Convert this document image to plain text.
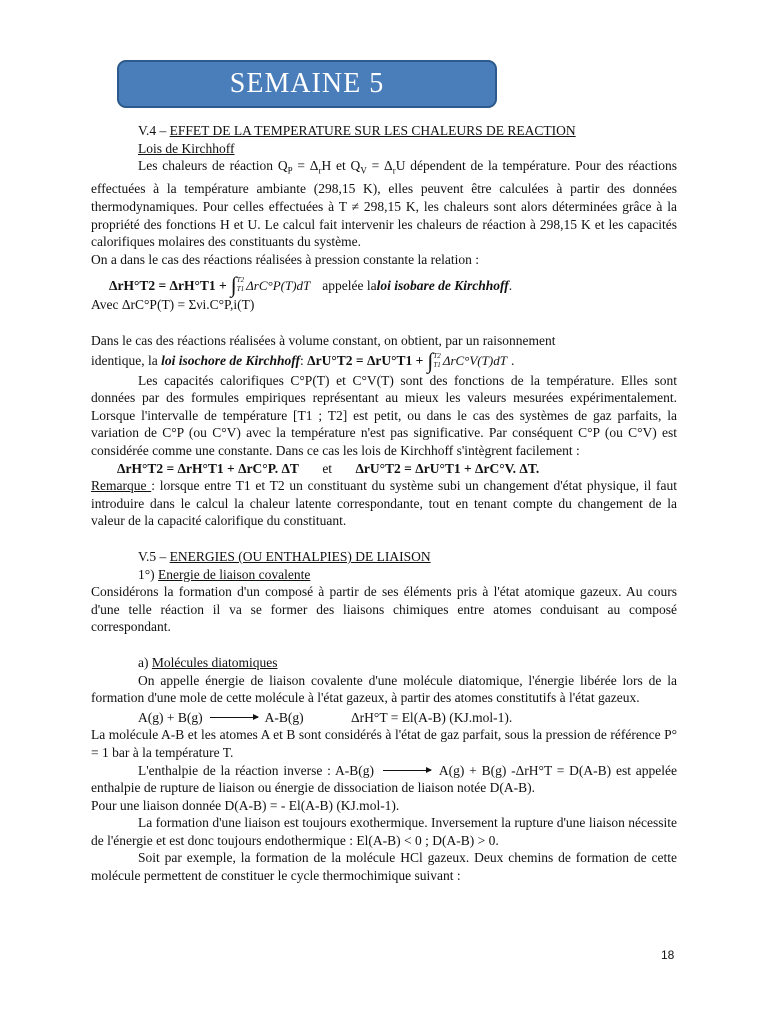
SEMAINE 5

V.4 – EFFET DE LA TEMPERATURE SUR LES CHALEURS DE REACTION

Lois de Kirchhoff

Les chaleurs de réaction $Q_P = \Delta_rH$ et $Q_V = \Delta_rU$ dépendent de la température. Pour des réactions effectuées à la température ambiante (298,15 K), elles peuvent être calculées à partir des données thermodynamiques. Pour celles effectuées à T ≠ 298,15 K, les chaleurs sont alors déterminées grâce à la propriété des fonctions H et U. Le calcul fait intervenir les chaleurs de réaction à 298,15 K et les capacités calorifiques molaires des constituants du système.

On a dans le cas des réactions réalisées à pression constante la relation :

ΔrH°T2 = ΔrH°T1 + ∫ T2
T1 ΔrC°P(T)dT appelée la loi isobare de Kirchhoff .

Avec ΔrC°P(T) = Σνi.C°P,i(T)

Dans le cas des réactions réalisées à volume constant, on obtient, par un raisonnement

identique, la
loi isochore de Kirchhoff :
ΔrU°T2 = ΔrU°T1 + ∫ T2
T1 ΔrC°V(T)dT .

Les capacités calorifiques C°P(T) et C°V(T) sont des fonctions de la température. Elles sont données par des formules empiriques représentant au mieux les valeurs mesurées expérimentalement. Lorsque l'intervalle de température [T1 ; T2] est petit, ou dans le cas des systèmes de gaz parfaits, la variation de C°P (ou C°V) avec la température n'est pas significative. Par conséquent C°P (ou C°V) est considérée comme une constante. Dans ce cas les lois de Kirchhoff s'intègrent facilement :

ΔrH°T2 = ΔrH°T1 + ΔrC°P. ΔT et ΔrU°T2 = ΔrU°T1 + ΔrC°V. ΔT.

Remarque : lorsque entre T1 et T2 un constituant du système subi un changement d'état physique, il faut introduire dans le calcul la chaleur latente correspondante, tout en tenant compte du changement de la valeur de la capacité calorifique du constituant.

V.5 – ENERGIES (OU ENTHALPIES) DE LIAISON

1°) Energie de liaison covalente

Considérons la formation d'un composé à partir de ses éléments pris à l'état atomique gazeux. Au cours d'une telle réaction il va se former des liaisons chimiques entre atomes conduisant au composé correspondant.

a) Molécules diatomiques

On appelle énergie de liaison covalente d'une molécule diatomique, l'énergie libérée lors de la formation d'une mole de cette molécule à l'état gazeux, à partir des atomes constitutifs à l'état gazeux.

A(g) + B(g) → A-B(g)	ΔrH°T = El(A-B) (KJ.mol-1).

La molécule A-B et les atomes A et B sont considérés à l'état de gaz parfait, sous la pression de référence P° = 1 bar à la température T.

L'enthalpie de la réaction inverse : A-B(g) → A(g) + B(g) -ΔrH°T = D(A-B) est appelée enthalpie de rupture de liaison ou énergie de dissociation de liaison notée D(A-B).

Pour une liaison donnée D(A-B) = - El(A-B) (KJ.mol-1).

La formation d'une liaison est toujours exothermique. Inversement la rupture d'une liaison nécessite de l'énergie et est donc toujours endothermique : El(A-B) < 0 ; D(A-B) > 0.

Soit par exemple, la formation de la molécule HCl gazeux. Deux chemins de formation de cette molécule permettent de constituer le cycle thermochimique suivant :

18
